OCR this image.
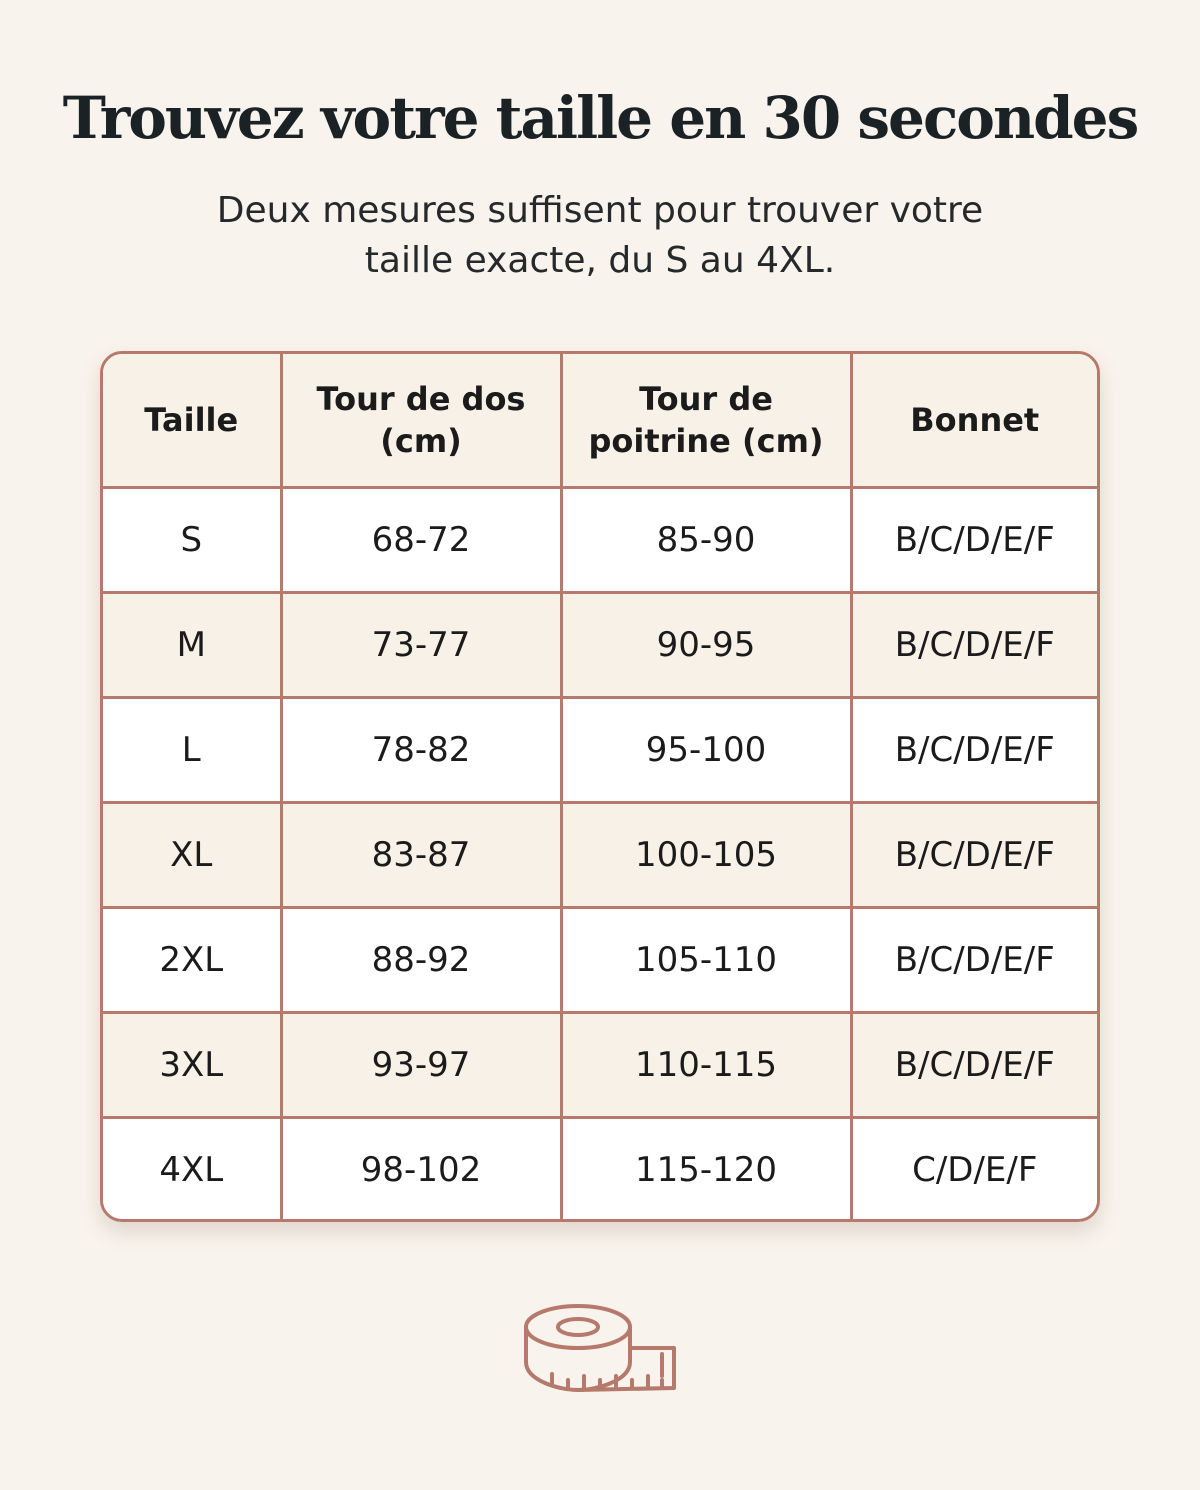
Trouvez votre taille en 30 secondes

Deux mesures suffisent pour trouver votre
taille exacte, du S au 4XL.

Taille	Tour de dos (cm)	Tour de poitrine (cm)	Bonnet
S	68-72	85-90	B/C/D/E/F
M	73-77	90-95	B/C/D/E/F
L	78-82	95-100	B/C/D/E/F
XL	83-87	100-105	B/C/D/E/F
2XL	88-92	105-110	B/C/D/E/F
3XL	93-97	110-115	B/C/D/E/F
4XL	98-102	115-120	C/D/E/F
